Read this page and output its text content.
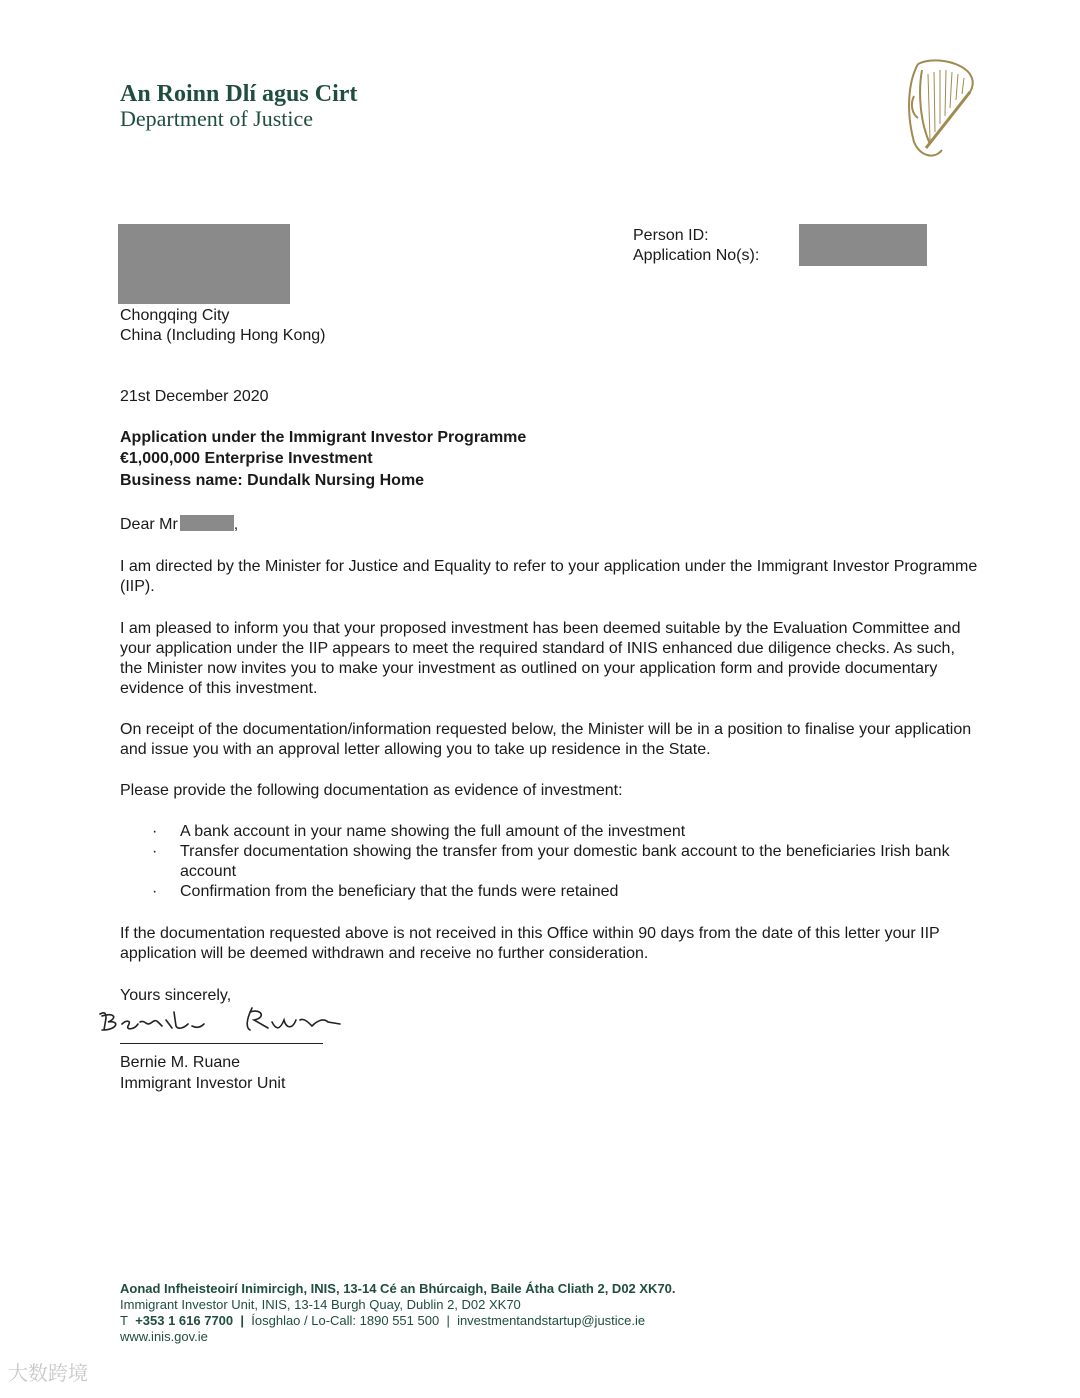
An Roinn Dlí agus Cirt
Department of Justice
Chongqing City
China (Including Hong Kong)
Person ID:
Application No(s):
21st December 2020
Application under the Immigrant Investor Programme
€1,000,000 Enterprise Investment
Business name: Dundalk Nursing Home
Dear Mr	,
I am directed by the Minister for Justice and Equality to refer to your application under the Immigrant Investor Programme (IIP).
I am pleased to inform you that your proposed investment has been deemed suitable by the Evaluation Committee and your application under the IIP appears to meet the required standard of INIS enhanced due diligence checks. As such, the Minister now invites you to make your investment as outlined on your application form and provide documentary evidence of this investment.
On receipt of the documentation/information requested below, the Minister will be in a position to finalise your application and issue you with an approval letter allowing you to take up residence in the State.
Please provide the following documentation as evidence of investment:
· A bank account in your name showing the full amount of the investment
· Transfer documentation showing the transfer from your domestic bank account to the beneficiaries Irish bank account
· Confirmation from the beneficiary that the funds were retained
If the documentation requested above is not received in this Office within 90 days from the date of this letter your IIP application will be deemed withdrawn and receive no further consideration.
Yours sincerely,
Bernie M. Ruane
Immigrant Investor Unit
Aonad Infheisteoirí Inimircigh, INIS, 13-14 Cé an Bhúrcaigh, Baile Átha Cliath 2, D02 XK70.
Immigrant Investor Unit, INIS, 13-14 Burgh Quay, Dublin 2, D02 XK70
T +353 1 616 7700 | Íosghlao / Lo-Call: 1890 551 500 | investmentandstartup@justice.ie
www.inis.gov.ie
大数跨境
